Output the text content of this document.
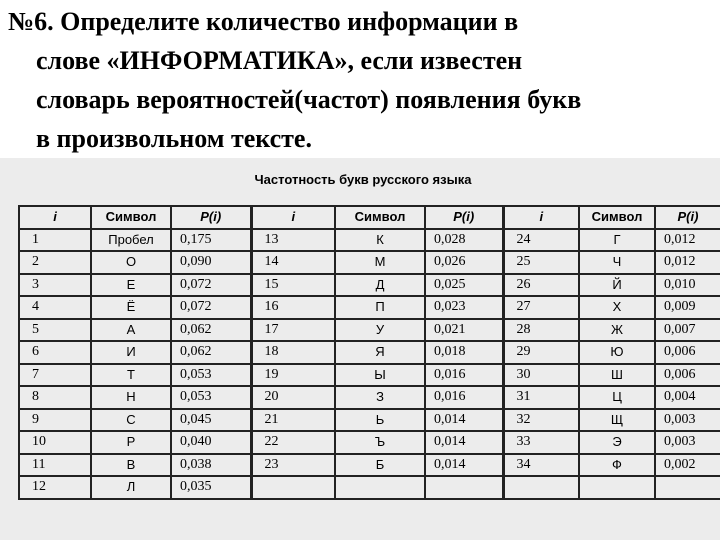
№6. Определите количество информации в
слове «ИНФОРМАТИКА», если известен
словарь вероятностей(частот) появления букв
в произвольном тексте.
Частотность букв русского языка
i	Символ	P(i)	i	Символ	P(i)	i	Символ	P(i)
1	Пробел	0,175	13	К	0,028	24	Г	0,012
2	О	0,090	14	М	0,026	25	Ч	0,012
3	Е	0,072	15	Д	0,025	26	Й	0,010
4	Ё	0,072	16	П	0,023	27	Х	0,009
5	А	0,062	17	У	0,021	28	Ж	0,007
6	И	0,062	18	Я	0,018	29	Ю	0,006
7	Т	0,053	19	Ы	0,016	30	Ш	0,006
8	Н	0,053	20	З	0,016	31	Ц	0,004
9	С	0,045	21	Ь	0,014	32	Щ	0,003
10	Р	0,040	22	Ъ	0,014	33	Э	0,003
11	В	0,038	23	Б	0,014	34	Ф	0,002
12	Л	0,035						
